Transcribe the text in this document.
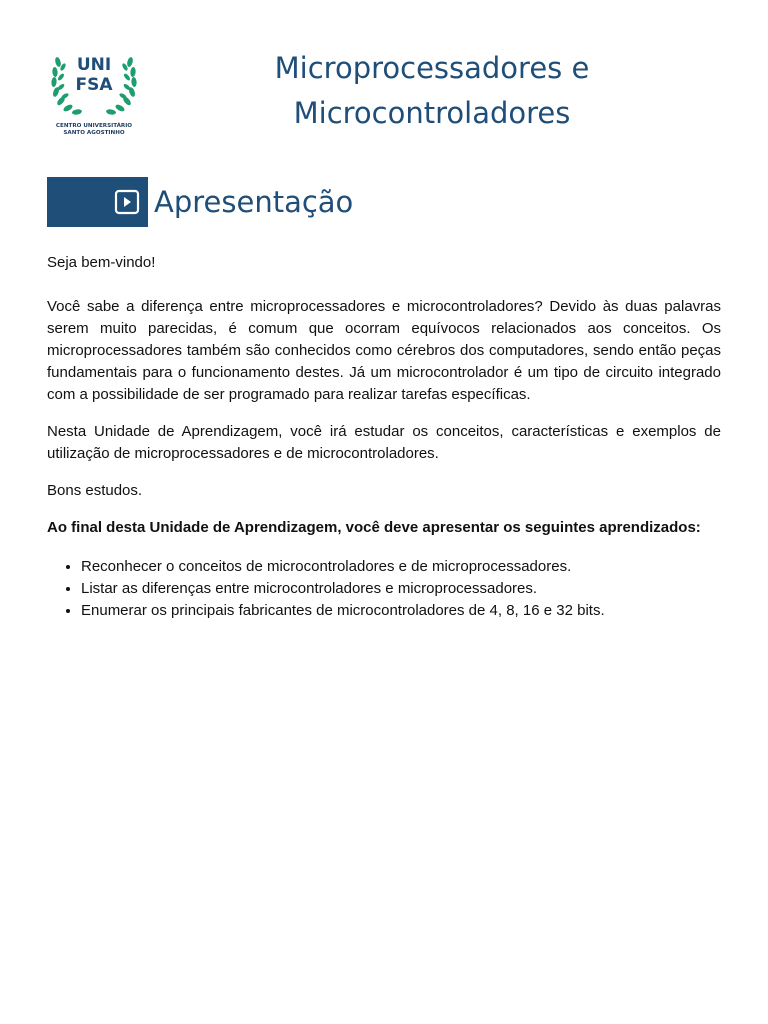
UNI
FSA
CENTRO UNIVERSITÁRIO
SANTO AGOSTINHO
Microprocessadores e
Microcontroladores
Apresentação

Seja bem-vindo!

Você sabe a diferença entre microprocessadores e microcontroladores? Devido às duas palavras serem muito parecidas, é comum que ocorram equívocos relacionados aos conceitos. Os microprocessadores também são conhecidos como cérebros dos computadores, sendo então peças fundamentais para o funcionamento destes. Já um microcontrolador é um tipo de circuito integrado com a possibilidade de ser programado para realizar tarefas específicas.

Nesta Unidade de Aprendizagem, você irá estudar os conceitos, características e exemplos de utilização de microprocessadores e de microcontroladores.

Bons estudos.

Ao final desta Unidade de Aprendizagem, você deve apresentar os seguintes aprendizados:

• Reconhecer o conceitos de microcontroladores e de microprocessadores.
• Listar as diferenças entre microcontroladores e microprocessadores.
• Enumerar os principais fabricantes de microcontroladores de 4, 8, 16 e 32 bits.
